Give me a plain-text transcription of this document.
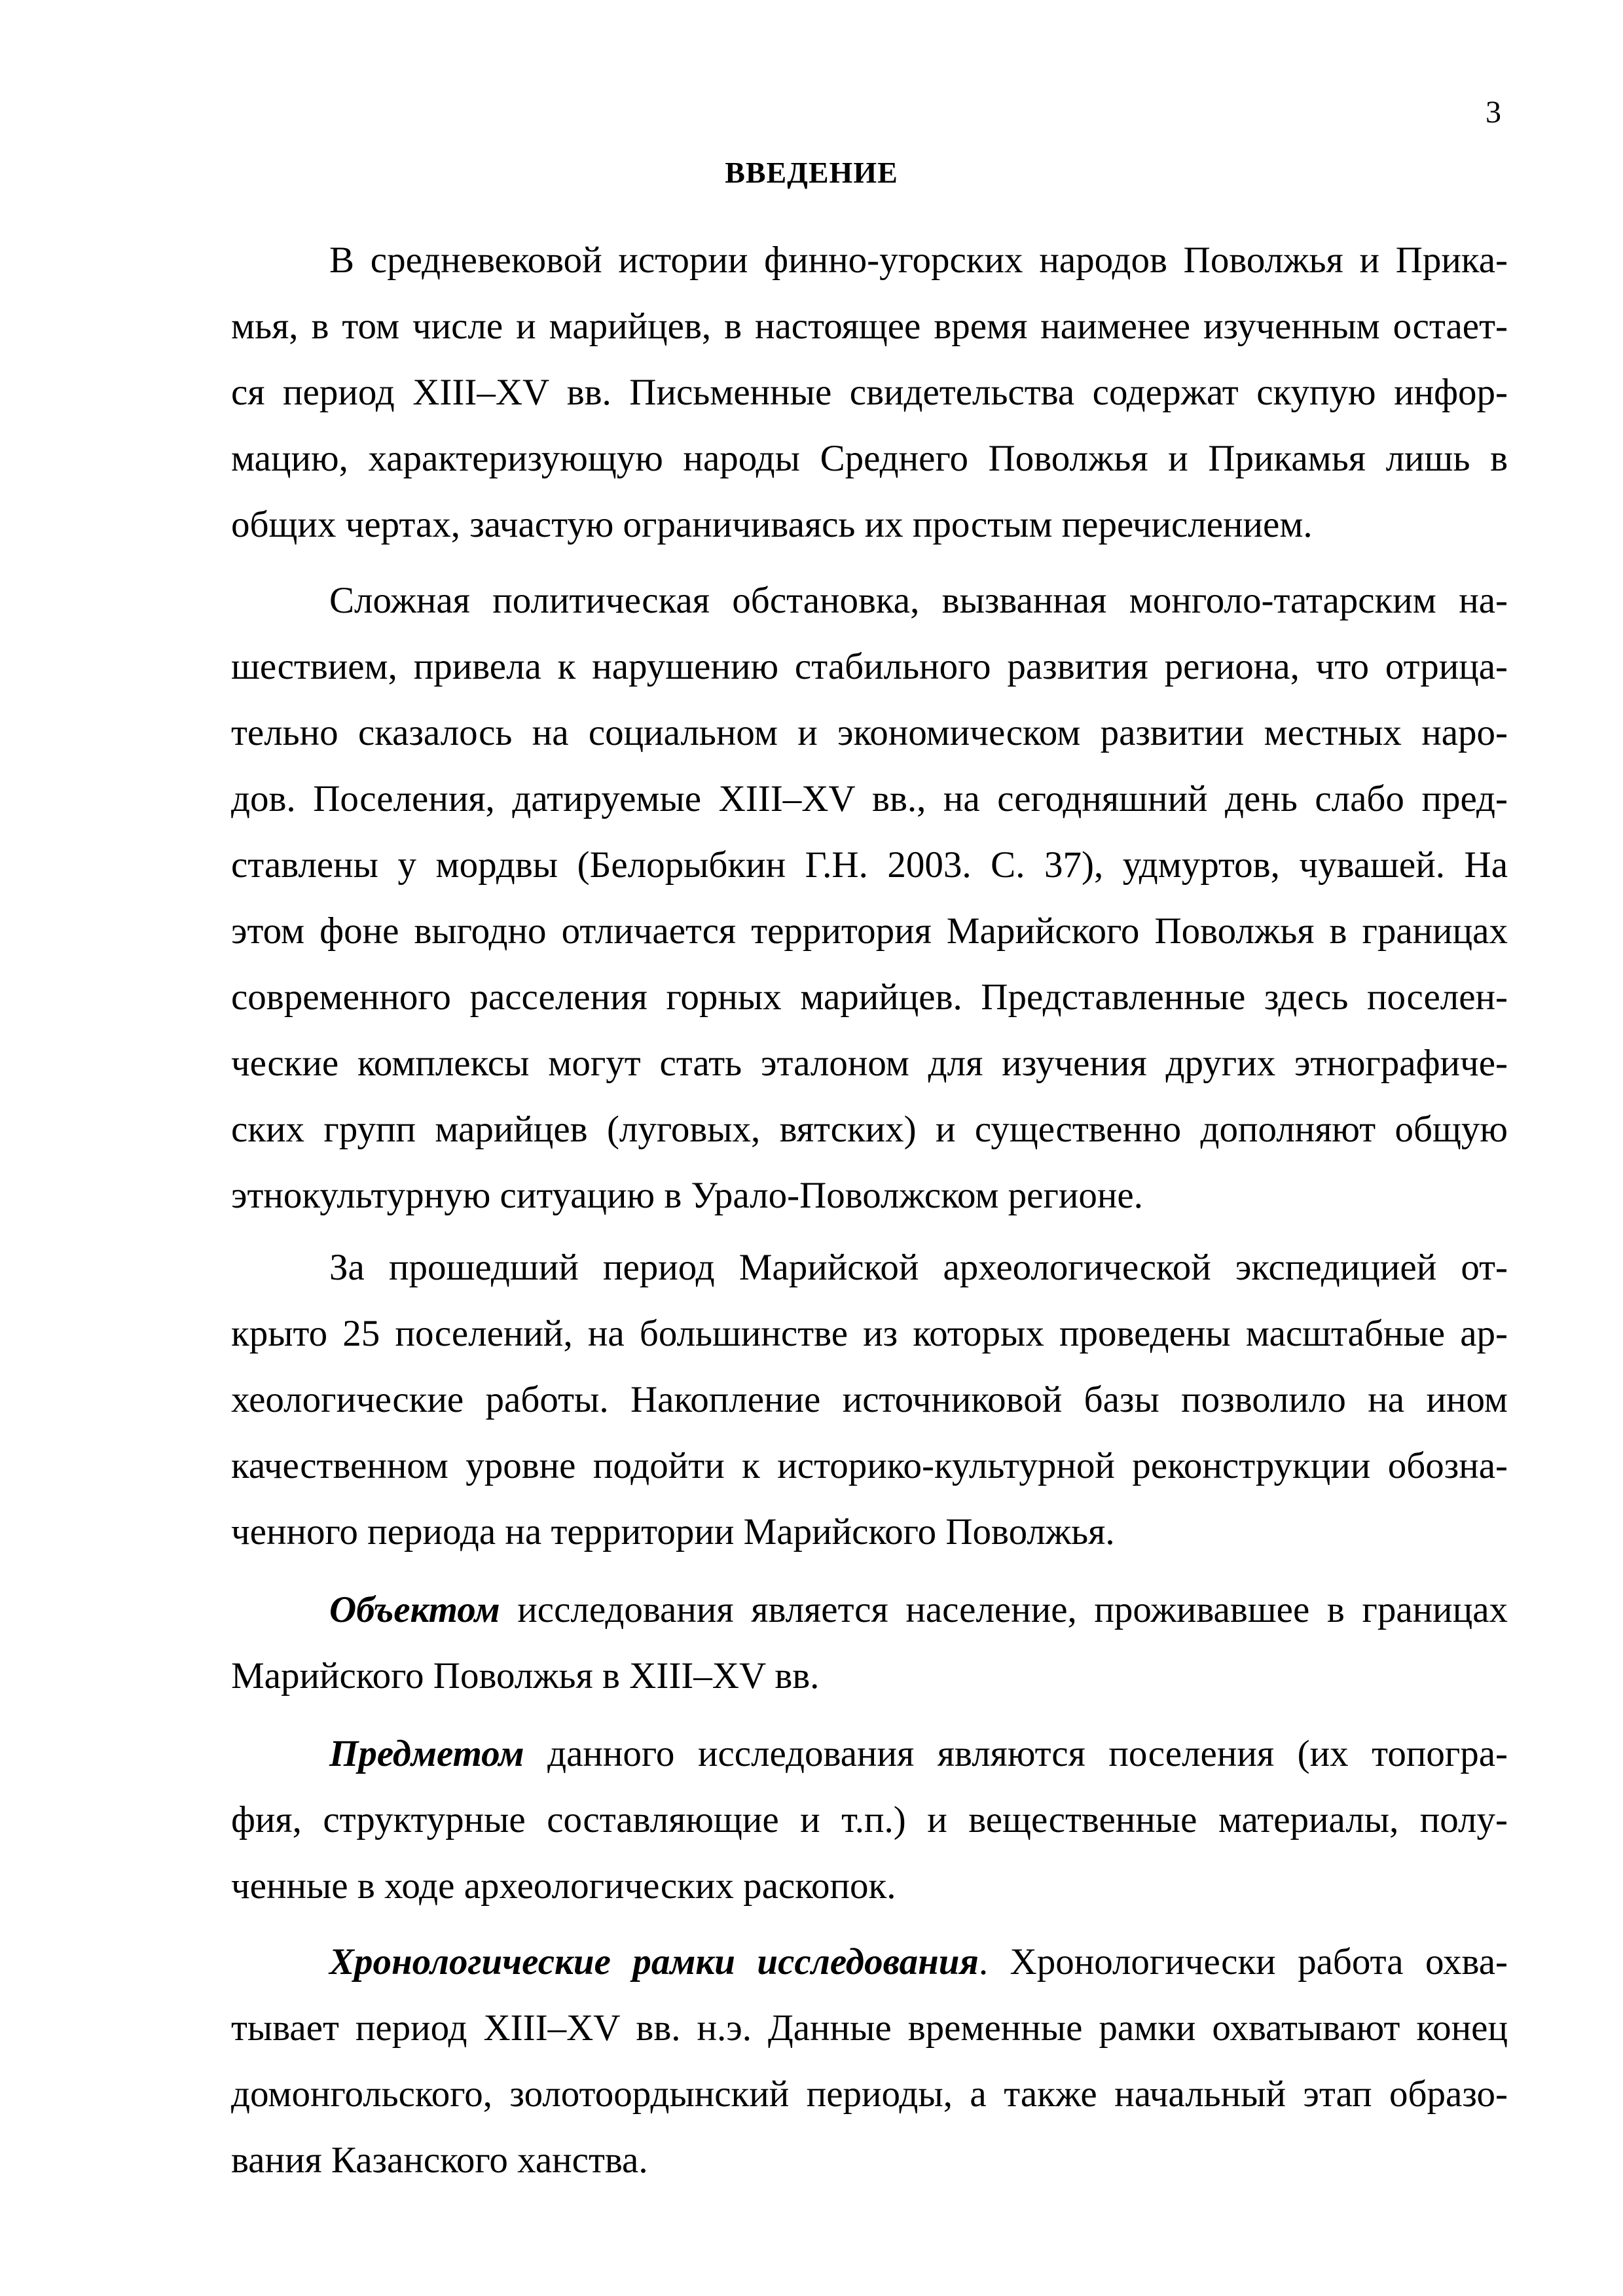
3
ВВЕДЕНИЕ
В средневековой истории финно-угорских народов Поволжья и Прика-
мья, в том числе и марийцев, в настоящее время наименее изученным остает-
ся период XIII–XV вв. Письменные свидетельства содержат скупую инфор-
мацию, характеризующую народы Среднего Поволжья и Прикамья лишь в
общих чертах, зачастую ограничиваясь их простым перечислением.
Сложная политическая обстановка, вызванная монголо-татарским на-
шествием, привела к нарушению стабильного развития региона, что отрица-
тельно сказалось на социальном и экономическом развитии местных наро-
дов. Поселения, датируемые XIII–XV вв., на сегодняшний день слабо пред-
ставлены у мордвы (Белорыбкин Г.Н. 2003. С. 37), удмуртов, чувашей. На
этом фоне выгодно отличается территория Марийского Поволжья в границах
современного расселения горных марийцев. Представленные здесь поселен-
ческие комплексы могут стать эталоном для изучения других этнографиче-
ских групп марийцев (луговых, вятских) и существенно дополняют общую
этнокультурную ситуацию в Урало-Поволжском регионе.
За прошедший период Марийской археологической экспедицией от-
крыто 25 поселений, на большинстве из которых проведены масштабные ар-
хеологические работы. Накопление источниковой базы позволило на ином
качественном уровне подойти к историко-культурной реконструкции обозна-
ченного периода на территории Марийского Поволжья.
Объектом исследования является население, проживавшее в границах
Марийского Поволжья в XIII–XV вв.
Предметом данного исследования являются поселения (их топогра-
фия, структурные составляющие и т.п.) и вещественные материалы, полу-
ченные в ходе археологических раскопок.
Хронологические рамки исследования. Хронологически работа охва-
тывает период XIII–XV вв. н.э. Данные временные рамки охватывают конец
домонгольского, золотоордынский периоды, а также начальный этап образо-
вания Казанского ханства.
